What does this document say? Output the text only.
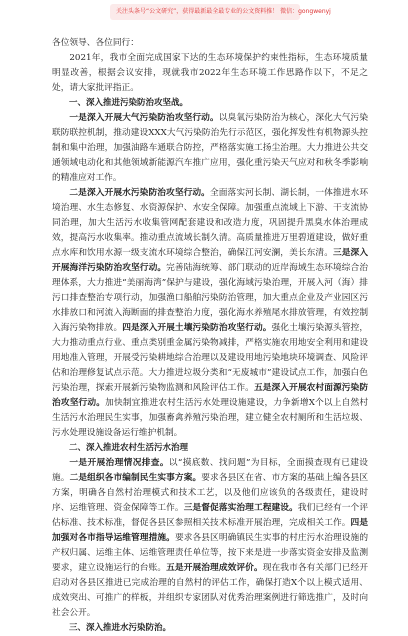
关注头条号“公文研究”，获得最新最全最专业的公文资料推！ 微信：gongwenyj

各位领导、各位同行：

2021年，我市全面完成国家下达的生态环境保护约束性指标，生态环境质量明显改善，根据会议安排，现就我市2022年生态环境工作思路作以下，不足之处，请大家批评指正。

一、深入推进污染防治攻坚战。

一是深入开展大气污染防治攻坚行动。以臭氧污染防治为核心，深化大气污染联防联控机制，推动建设XXX大气污染防治先行示范区，强化挥发性有机物源头控制和集中治理，加强油路车通联合防控，严格落实施工扬尘治理。大力推进公共交通领域电动化和其他领域新能源汽车推广应用，强化重污染天气应对和秋冬季影响的精准应对工作。

二是深入开展水污染防治攻坚行动。全面落实河长制、湖长制，一体推进水环境治理、水生态修复、水资源保护、水安全保障。加强重点流域上下游、干支流协同治理，加大生活污水收集管网配套建设和改造力度，巩固提升黑臭水体治理成效，提高污水收集率。推动重点流域长制久清。高质量推进万里碧道建设，做好重点水库和饮用水源一级支流水环境综合整治，确保江河安澜，美长东清。三是深入开展海洋污染防治攻坚行动。完善陆海统筹、部门联动的近岸海域生态环境综合治理体系，大力推进“美丽海湾”保护与建设，强化海域污染治理，开展入河（海）排污口排查整治专项行动，加强渔口船舶污染防治管理，加大重点企业及产业园区污水排放口和河流入海断面的排查整治力度，强化海水养殖尾水排放管理，有效控制入海污染物排放。四是深入开展土壤污染防治攻坚行动。强化土壤污染源头管控，大力推动重点行业、重点类别重金属污染物减排，严格实施农用地安全利用和建设用地准入管理，开展受污染耕地综合治理以及建设用地污染地块环境调查、风险评估和治理修复试点示范。大力推进垃圾分类和“无废城市”建设试点工作，加强白色污染治理，探索开展新污染物监测和风险评估工作。五是深入开展农村面源污染防治攻坚行动。加快制宜推进农村生活污水处理设施建设，力争新增X个以上自然村生活污水治理民生实事，加强畜禽养殖污染治理，建立健全农村厕所和生活垃圾、污水处理设施设备运行维护机制。

二、深入推进农村生活污水治理

一是开展治理情况排查。以“摸底数、找问题”为目标，全面摸查现有已建设施。二是组织各市编制民生实事方案。要求各县区在省、市方案的基础上编各县区方案，明确各自然村治理模式和技术工艺，以及他们应该负的各级责任，建设时序、运维管理、资金保障等工作。三是督促落实治理工程建设。我们已经有一个评估标准、技术标准，督促各县区参照相关技术标准开展治理，完成相关工作。四是加强对各市指导运维管理措施。要求各县区明确镇民生实事的村庄污水治理设施的产权归属、运维主体、运维管理责任单位等，按下来是进一步落实资金安排及监测要求，建立设施运行的台账。五是开展治理成效评价。现在我市各有关部门已经开启动对各县区推进已完成治理的自然村的评估工作，确保打造X个以上模式适用、成效突出、可推广的样板，并组织专家团队对优秀治理案例进行筛选推广，及时向社会公开。

三、深入推进水污染防治。
